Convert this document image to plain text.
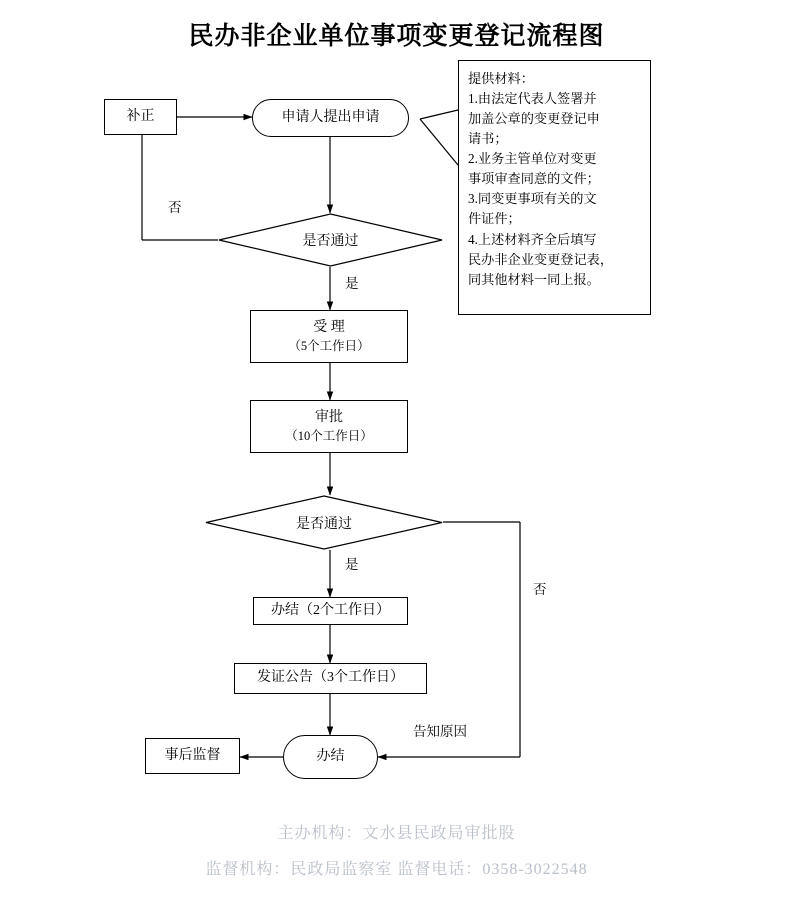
民办非企业单位事项变更登记流程图
补正	申请人提出申请
是否通过
受 理
（5个工作日）
审批
（10个工作日）
是否通过
办结（2个工作日）
发证公告（3个工作日）
事后监督	办结
提供材料：
1.由法定代表人签署并
加盖公章的变更登记申
请书；
2.业务主管单位对变更
事项审查同意的文件；
3.同变更事项有关的文
件证件；
4.上述材料齐全后填写
民办非企业变更登记表，
同其他材料一同上报。
否
是
是
否
告知原因
主办机构：文水县民政局审批股
监督机构：民政局监察室 监督电话：0358-3022548
